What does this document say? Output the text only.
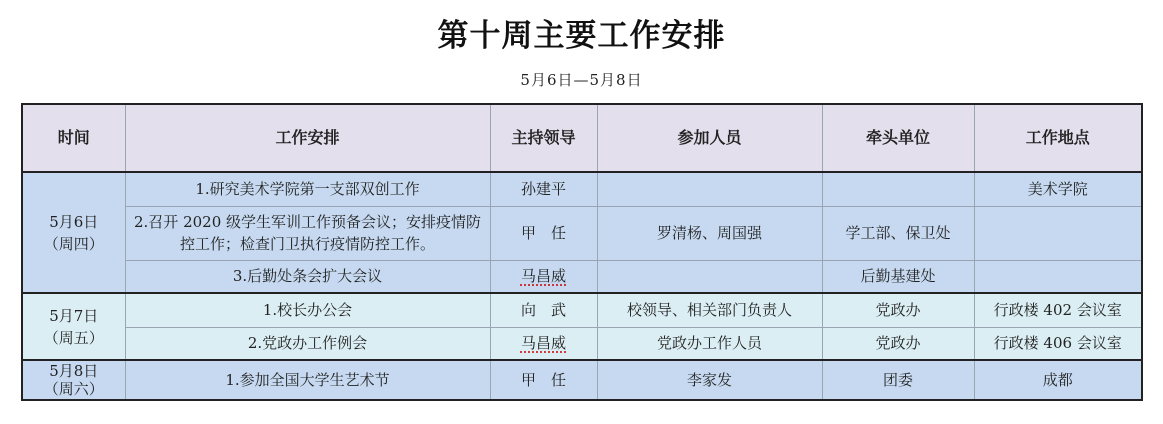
第十周主要工作安排
5月6日—5月8日
时间	工作安排	主持领导	参加人员	牵头单位	工作地点

5月6日
（周四）	1.研究美术学院第一支部双创工作	孙建平			美术学院
	2.召开 2020 级学生军训工作预备会议；安排疫情防控工作；检查门卫执行疫情防控工作。	甲　任	罗清杨、周国强	学工部、保卫处	
	3.后勤处条会扩大会议	马昌威		后勤基建处	

5月7日
（周五）	1.校长办公会	向　武	校领导、相关部门负责人	党政办	行政楼 402 会议室
	2.党政办工作例会	马昌威	党政办工作人员	党政办	行政楼 406 会议室

5月8日
（周六）	1.参加全国大学生艺术节	甲　任	李家发	团委	成都
